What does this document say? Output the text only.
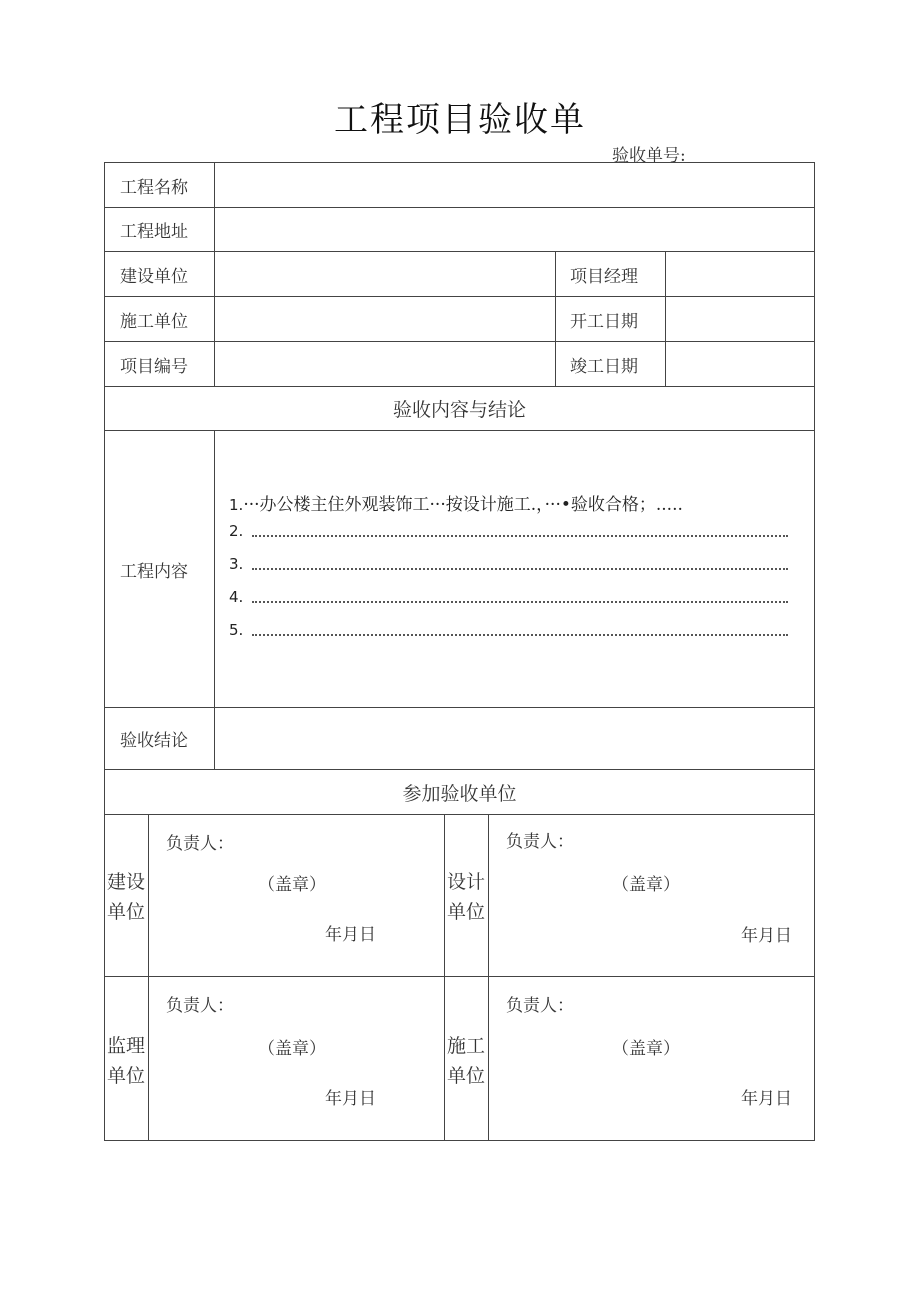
工程项目验收单
验收单号:
工程名称
工程地址
建设单位	项目经理
施工单位	开工日期
项目编号	竣工日期
验收内容与结论
工程内容
1.···办公楼主住外观装饰工···按设计施工.，···•验收合格；.....
2.
3.
4.
5.
验收结论
参加验收单位
建设
单位
负责人：
（盖章）
年月日
设计
单位
负责人：
（盖章）
年月日
监理
单位
负责人：
（盖章）
年月日
施工
单位
负责人：
（盖章）
年月日
